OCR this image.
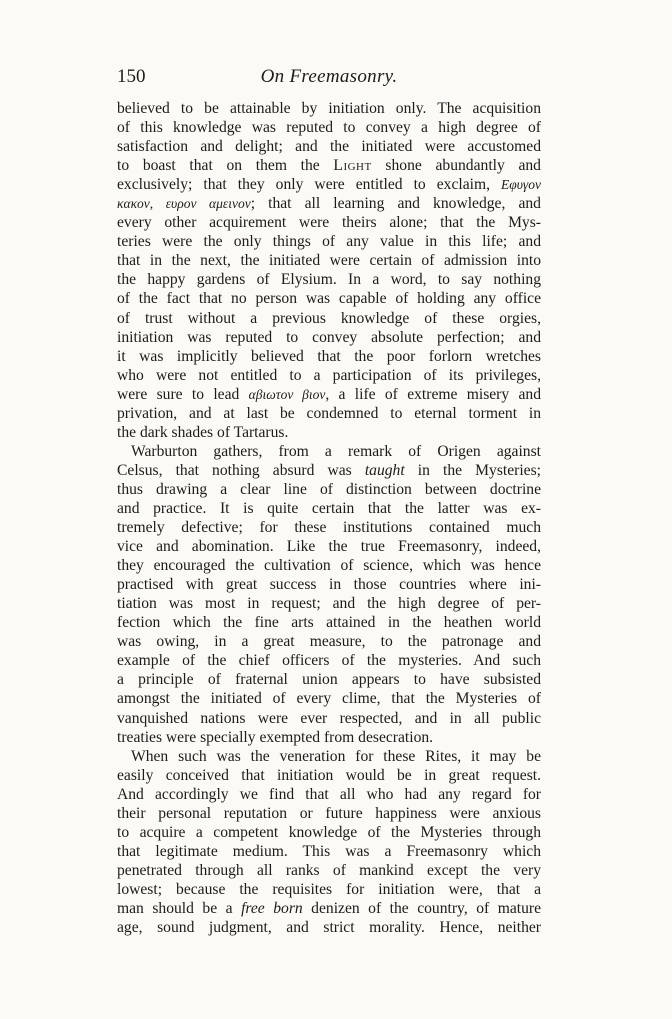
150	On Freemasonry.
believed to be attainable by initiation only. The acquisition
of this knowledge was reputed to convey a high degree of
satisfaction and delight; and the initiated were accustomed
to boast that on them the Light shone abundantly and
exclusively; that they only were entitled to exclaim, Εφυγον
κακον, ευρον αμεινον; that all learning and knowledge, and
every other acquirement were theirs alone; that the Mys-
teries were the only things of any value in this life; and
that in the next, the initiated were certain of admission into
the happy gardens of Elysium. In a word, to say nothing
of the fact that no person was capable of holding any office
of trust without a previous knowledge of these orgies,
initiation was reputed to convey absolute perfection; and
it was implicitly believed that the poor forlorn wretches
who were not entitled to a participation of its privileges,
were sure to lead αβιωτον βιον, a life of extreme misery and
privation, and at last be condemned to eternal torment in
the dark shades of Tartarus.
Warburton gathers, from a remark of Origen against
Celsus, that nothing absurd was taught in the Mysteries;
thus drawing a clear line of distinction between doctrine
and practice. It is quite certain that the latter was ex-
tremely defective; for these institutions contained much
vice and abomination. Like the true Freemasonry, indeed,
they encouraged the cultivation of science, which was hence
practised with great success in those countries where ini-
tiation was most in request; and the high degree of per-
fection which the fine arts attained in the heathen world
was owing, in a great measure, to the patronage and
example of the chief officers of the mysteries. And such
a principle of fraternal union appears to have subsisted
amongst the initiated of every clime, that the Mysteries of
vanquished nations were ever respected, and in all public
treaties were specially exempted from desecration.
When such was the veneration for these Rites, it may be
easily conceived that initiation would be in great request.
And accordingly we find that all who had any regard for
their personal reputation or future happiness were anxious
to acquire a competent knowledge of the Mysteries through
that legitimate medium. This was a Freemasonry which
penetrated through all ranks of mankind except the very
lowest; because the requisites for initiation were, that a
man should be a free born denizen of the country, of mature
age, sound judgment, and strict morality. Hence, neither
